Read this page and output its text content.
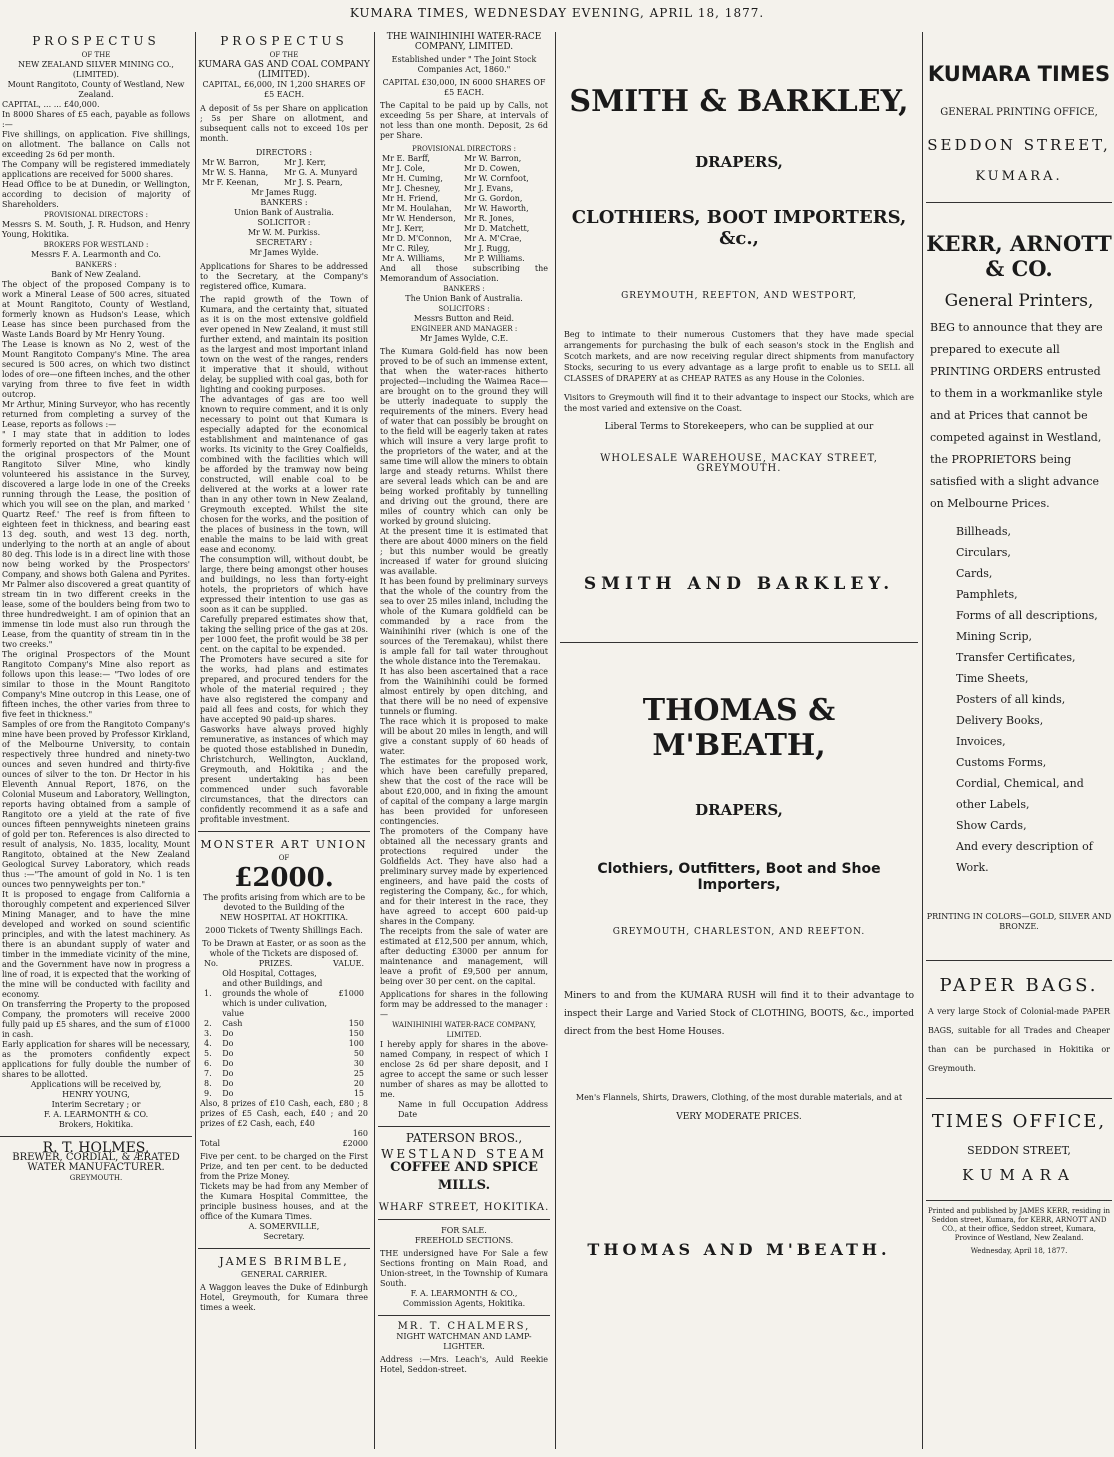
KUMARA TIMES, WEDNESDAY EVENING, APRIL 18, 1877.
PROSPECTUS
OF THE
NEW ZEALAND SILVER MINING CO., (LIMITED).
Mount Rangitoto, County of Westland, New Zealand.
CAPITAL, ... ... £40,000.
In 8000 Shares of £5 each, payable as follows :—
Five shillings, on application. Five shillings, on allotment. The ballance on Calls not exceeding 2s 6d per month.
The Company will be registered immediately applications are received for 5000 shares.
Head Office to be at Dunedin, or Wellington, according to decision of majority of Shareholders.
PROVISIONAL DIRECTORS :
Messrs S. M. South, J. R. Hudson, and Henry Young, Hokitika.
BROKERS FOR WESTLAND :
Messrs F. A. Learmonth and Co.
BANKERS :
Bank of New Zealand.
The object of the proposed Company is to work a Mineral Lease of 500 acres, situated at Mount Rangitoto, County of Westland, formerly known as Hudson's Lease, which Lease has since been purchased from the Waste Lands Board by Mr Henry Young.
The Lease is known as No 2, west of the Mount Rangitoto Company's Mine. The area secured is 500 acres, on which two distinct lodes of ore—one fifteen inches, and the other varying from three to five feet in width outcrop.
Mr Arthur, Mining Surveyor, who has recently returned from completing a survey of the Lease, reports as follows :—
" I may state that in addition to lodes formerly reported on that Mr Palmer, one of the original prospectors of the Mount Rangitoto Silver Mine, who kindly volunteered his assistance in the Survey, discovered a large lode in one of the Creeks running through the Lease, the position of which you will see on the plan, and marked ' Quartz Reef.' The reef is from fifteen to eighteen feet in thickness, and bearing east 13 deg. south, and west 13 deg. north, underlying to the north at an angle of about 80 deg. This lode is in a direct line with those now being worked by the Prospectors' Company, and shows both Galena and Pyrites. Mr Palmer also discovered a great quantity of stream tin in two different creeks in the lease, some of the boulders being from two to three hundredweight. I am of opinion that an immense tin lode must also run through the Lease, from the quantity of stream tin in the two creeks."
The original Prospectors of the Mount Rangitoto Company's Mine also report as follows upon this lease:— "Two lodes of ore similar to those in the Mount Rangitoto Company's Mine outcrop in this Lease, one of fifteen inches, the other varies from three to five feet in thickness."
Samples of ore from the Rangitoto Company's mine have been proved by Professor Kirkland, of the Melbourne University, to contain respectively three hundred and ninety-two ounces and seven hundred and thirty-five ounces of silver to the ton. Dr Hector in his Eleventh Annual Report, 1876, on the Colonial Museum and Laboratory, Wellington, reports having obtained from a sample of Rangitoto ore a yield at the rate of five ounces fifteen pennyweights nineteen grains of gold per ton. References is also directed to result of analysis, No. 1835, locality, Mount Rangitoto, obtained at the New Zealand Geological Survey Laboratory, which reads thus :—"The amount of gold in No. 1 is ten ounces two pennyweights per ton."
It is proposed to engage from California a thoroughly competent and experienced Silver Mining Manager, and to have the mine developed and worked on sound scientific principles, and with the latest machinery. As there is an abundant supply of water and timber in the immediate vicinity of the mine, and the Government have now in progress a line of road, it is expected that the working of the mine will be conducted with facility and economy.
On transferring the Property to the proposed Company, the promoters will receive 2000 fully paid up £5 shares, and the sum of £1000 in cash.
Early application for shares will be necessary, as the promoters confidently expect applications for fully double the number of shares to be allotted.
Applications will be received by,
HENRY YOUNG,
Interim Secretary ; or
F. A. LEARMONTH & CO.
Brokers, Hokitika.
R. T. HOLMES,
BREWER, CORDIAL, & ÆRATED WATER MANUFACTURER.
GREYMOUTH.
PROSPECTUS
OF THE
KUMARA GAS AND COAL COMPANY (LIMITED).
CAPITAL, £6,000, IN 1,200 SHARES OF £5 EACH.
A deposit of 5s per Share on application ; 5s per Share on allotment, and subsequent calls not to exceed 10s per month.
DIRECTORS :
Mr W. Barron,	Mr J. Kerr,
Mr W. S. Hanna,	Mr G. A. Munyard
Mr F. Keenan,	Mr J. S. Pearn,
Mr James Rugg.
BANKERS :
Union Bank of Australia.
SOLICITOR :
Mr W. M. Purkiss.
SECRETARY :
Mr James Wylde.
Applications for Shares to be addressed to the Secretary, at the Company's registered office, Kumara.
The rapid growth of the Town of Kumara, and the certainty that, situated as it is on the most extensive goldfield ever opened in New Zealand, it must still further extend, and maintain its position as the largest and most important inland town on the west of the ranges, renders it imperative that it should, without delay, be supplied with coal gas, both for lighting and cooking purposes.
The advantages of gas are too well known to require comment, and it is only necessary to point out that Kumara is especially adapted for the economical establishment and maintenance of gas works. Its vicinity to the Grey Coalfields, combined with the facilities which will be afforded by the tramway now being constructed, will enable coal to be delivered at the works at a lower rate than in any other town in New Zealand, Greymouth excepted. Whilst the site chosen for the works, and the position of the places of business in the town, will enable the mains to be laid with great ease and economy.
The consumption will, without doubt, be large, there being amongst other houses and buildings, no less than forty-eight hotels, the proprietors of which have expressed their intention to use gas as soon as it can be supplied.
Carefully prepared estimates show that, taking the selling price of the gas at 20s. per 1000 feet, the profit would be 38 per cent. on the capital to be expended.
The Promoters have secured a site for the works, had plans and estimates prepared, and procured tenders for the whole of the material required ; they have also registered the company and paid all fees and costs, for which they have accepted 90 paid-up shares.
Gasworks have always proved highly remunerative, as instances of which may be quoted those established in Dunedin, Christchurch, Wellington, Auckland, Greymouth, and Hokitika ; and the present undertaking has been commenced under such favorable circumstances, that the directors can confidently recommend it as a safe and profitable investment.
MONSTER ART UNION
OF
£2000.
The profits arising from which are to be devoted to the Building of the
NEW HOSPITAL AT HOKITIKA.
2000 Tickets of Twenty Shillings Each.
To be Drawn at Easter, or as soon as the whole of the Tickets are disposed of.
No.	PRIZES.	VALUE.
1.	Old Hospital, Cottages, and other Buildings, and grounds the whole of which is under culivation, value	£1000
2.	Cash	150
3.	Do	150
4.	Do	100
5.	Do	50
6.	Do	30
7.	Do	25
8.	Do	20
9.	Do	15
Also, 8 prizes of £10 Cash, each, £80 ; 8 prizes of £5 Cash, each, £40 ; and 20 prizes of £2 Cash, each, £40
160
Total	£2000
Five per cent. to be charged on the First Prize, and ten per cent. to be deducted from the Prize Money.
Tickets may be had from any Member of the Kumara Hospital Committee, the principle business houses, and at the office of the Kumara Times.
A. SOMERVILLE,
Secretary.
JAMES BRIMBLE,
GENERAL CARRIER.
A Waggon leaves the Duke of Edinburgh Hotel, Greymouth, for Kumara three times a week.
THE WAINIHINIHI WATER-RACE COMPANY, LIMITED.
Established under " The Joint Stock Companies Act, 1860."
CAPITAL £30,000, IN 6000 SHARES OF £5 EACH.
The Capital to be paid up by Calls, not exceeding 5s per Share, at intervals of not less than one month. Deposit, 2s 6d per Share.
PROVISIONAL DIRECTORS :
Mr E. Barff,	Mr W. Barron,
Mr J. Cole,	Mr D. Cowen,
Mr H. Cuming,	Mr W. Cornfoot,
Mr J. Chesney,	Mr J. Evans,
Mr H. Friend,	Mr G. Gordon,
Mr M. Houlahan,	Mr W. Haworth,
Mr W. Henderson,	Mr R. Jones,
Mr J. Kerr,	Mr D. Matchett,
Mr D. M'Connon,	Mr A. M'Crae,
Mr C. Riley,	Mr J. Rugg,
Mr A. Williams,	Mr P. Williams.
And all those subscribing the Memorandum of Association.
BANKERS :
The Union Bank of Australia.
SOLICITORS :
Messrs Button and Reid.
ENGINEER AND MANAGER :
Mr James Wylde, C.E.
The Kumara Gold-field has now been proved to be of such an immense extent, that when the water-races hitherto projected—including the Waimea Race—are brought on to the ground they will be utterly inadequate to supply the requirements of the miners. Every head of water that can possibly be brought on to the field will be eagerly taken at rates which will insure a very large profit to the proprietors of the water, and at the same time will allow the miners to obtain large and steady returns. Whilst there are several leads which can be and are being worked profitably by tunnelling and driving out the ground, there are miles of country which can only be worked by ground sluicing.
At the present time it is estimated that there are about 4000 miners on the field ; but this number would be greatly increased if water for ground sluicing was available.
It has been found by preliminary surveys that the whole of the country from the sea to over 25 miles inland, including the whole of the Kumara goldfield can be commanded by a race from the Wainihinihi river (which is one of the sources of the Teremakau), whilst there is ample fall for tail water throughout the whole distance into the Teremakau.
It has also been ascertained that a race from the Wainihinihi could be formed almost entirely by open ditching, and that there will be no need of expensive tunnels or fluming.
The race which it is proposed to make will be about 20 miles in length, and will give a constant supply of 60 heads of water.
The estimates for the proposed work, which have been carefully prepared, shew that the cost of the race will be about £20,000, and in fixing the amount of capital of the company a large margin has been provided for unforeseen contingencies.
The promoters of the Company have obtained all the necessary grants and protections required under the Goldfields Act. They have also had a preliminary survey made by experienced engineers, and have paid the costs of registering the Company, &c., for which, and for their interest in the race, they have agreed to accept 600 paid-up shares in the Company.
The receipts from the sale of water are estimated at £12,500 per annum, which, after deducting £3000 per annum for maintenance and management, will leave a profit of £9,500 per annum, being over 30 per cent. on the capital.
Applications for shares in the following form may be addressed to the manager :—
WAINIHINIHI WATER-RACE COMPANY, LIMITED.
I hereby apply for shares in the above-named Company, in respect of which I enclose 2s 6d per share deposit, and I agree to accept the same or such lesser number of shares as may be allotted to me.
Name in full Occupation Address Date
PATERSON BROS.,
WESTLAND STEAM
COFFEE AND SPICE MILLS.
WHARF STREET, HOKITIKA.
FOR SALE.
FREEHOLD SECTIONS.
THE undersigned have For Sale a few Sections fronting on Main Road, and Union-street, in the Township of Kumara South.
F. A. LEARMONTH & CO.,
Commission Agents, Hokitika.
MR. T. CHALMERS,
NIGHT WATCHMAN AND LAMP-LIGHTER.
Address :—Mrs. Leach's, Auld Reekie Hotel, Seddon-street.
SMITH & BARKLEY,
DRAPERS,
CLOTHIERS, BOOT IMPORTERS, &c.,
GREYMOUTH, REEFTON, AND WESTPORT,
Beg to intimate to their numerous Customers that they have made special arrangements for purchasing the bulk of each season's stock in the English and Scotch markets, and are now receiving regular direct shipments from manufactory Stocks, securing to us every advantage as a large profit to enable us to SELL all CLASSES of DRAPERY at as CHEAP RATES as any House in the Colonies.
Visitors to Greymouth will find it to their advantage to inspect our Stocks, which are the most varied and extensive on the Coast.
Liberal Terms to Storekeepers, who can be supplied at our
WHOLESALE WAREHOUSE, MACKAY STREET, GREYMOUTH.
SMITH AND BARKLEY.
THOMAS & M'BEATH,
DRAPERS,
Clothiers, Outfitters, Boot and Shoe Importers,
GREYMOUTH, CHARLESTON, AND REEFTON.
Miners to and from the KUMARA RUSH will find it to their advantage to inspect their Large and Varied Stock of CLOTHING, BOOTS, &c., imported direct from the best Home Houses.
Men's Flannels, Shirts, Drawers, Clothing, of the most durable materials, and at
VERY MODERATE PRICES.
THOMAS AND M'BEATH.
KUMARA TIMES
GENERAL PRINTING OFFICE,
SEDDON STREET,
KUMARA.
KERR, ARNOTT & CO.
General Printers,

BEG to announce that they are prepared to execute all PRINTING ORDERS entrusted to them in a workmanlike style and at Prices that cannot be competed against in Westland, the PROPRIETORS being satisfied with a slight advance on Melbourne Prices.

Billheads,
Circulars,
Cards,
Pamphlets,
Forms of all descriptions,
Mining Scrip,
Transfer Certificates,
Time Sheets,
Posters of all kinds,
Delivery Books,
Invoices,
Customs Forms,
Cordial, Chemical, and other Labels,
Show Cards,
And every description of Work.
PRINTING IN COLORS—GOLD, SILVER AND BRONZE.
PAPER BAGS.
A very large Stock of Colonial-made PAPER BAGS, suitable for all Trades and Cheaper than can be purchased in Hokitika or Greymouth.
TIMES OFFICE,
SEDDON STREET,
KUMARA
Printed and published by JAMES KERR, residing in Seddon street, Kumara, for KERR, ARNOTT AND CO., at their office, Seddon street, Kumara, Province of Westland, New Zealand.
Wednesday, April 18, 1877.
